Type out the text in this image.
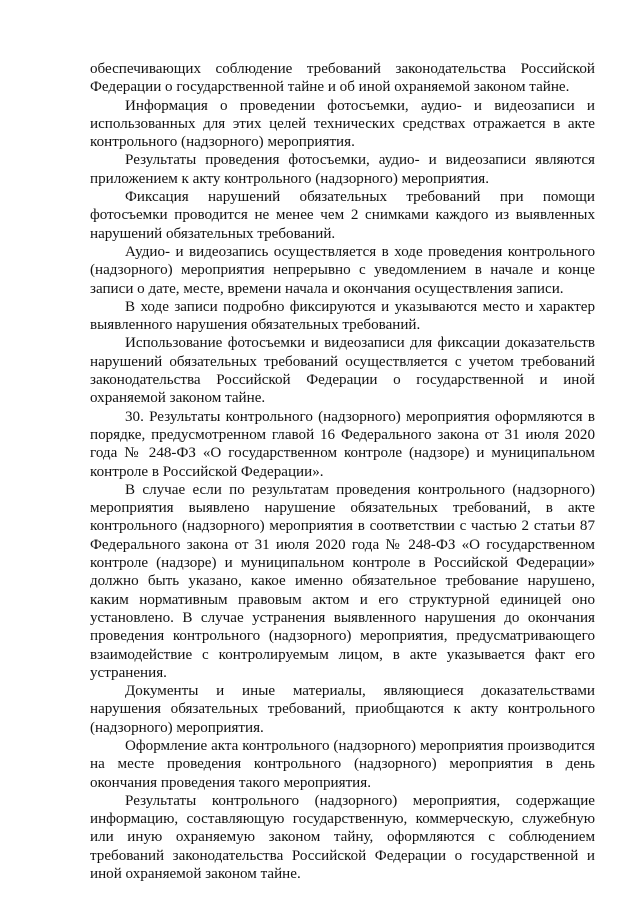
обеспечивающих соблюдение требований законодательства Российской Федерации о государственной тайне и об иной охраняемой законом тайне.

Информация о проведении фотосъемки, аудио- и видеозаписи и использованных для этих целей технических средствах отражается в акте контрольного (надзорного) мероприятия.

Результаты проведения фотосъемки, аудио- и видеозаписи являются приложением к акту контрольного (надзорного) мероприятия.

Фиксация нарушений обязательных требований при помощи фотосъемки проводится не менее чем 2 снимками каждого из выявленных нарушений обязательных требований.

Аудио- и видеозапись осуществляется в ходе проведения контрольного (надзорного) мероприятия непрерывно с уведомлением в начале и конце записи о дате, месте, времени начала и окончания осуществления записи.

В ходе записи подробно фиксируются и указываются место и характер выявленного нарушения обязательных требований.

Использование фотосъемки и видеозаписи для фиксации доказательств нарушений обязательных требований осуществляется с учетом требований законодательства Российской Федерации о государственной и иной охраняемой законом тайне.

30. Результаты контрольного (надзорного) мероприятия оформляются в порядке, предусмотренном главой 16 Федерального закона от 31 июля 2020 года № 248-ФЗ «О государственном контроле (надзоре) и муниципальном контроле в Российской Федерации».

В случае если по результатам проведения контрольного (надзорного) мероприятия выявлено нарушение обязательных требований, в акте контрольного (надзорного) мероприятия в соответствии с частью 2 статьи 87 Федерального закона от 31 июля 2020 года № 248-ФЗ «О государственном контроле (надзоре) и муниципальном контроле в Российской Федерации» должно быть указано, какое именно обязательное требование нарушено, каким нормативным правовым актом и его структурной единицей оно установлено. В случае устранения выявленного нарушения до окончания проведения контрольного (надзорного) мероприятия, предусматривающего взаимодействие с контролируемым лицом, в акте указывается факт его устранения.

Документы и иные материалы, являющиеся доказательствами нарушения обязательных требований, приобщаются к акту контрольного (надзорного) мероприятия.

Оформление акта контрольного (надзорного) мероприятия производится на месте проведения контрольного (надзорного) мероприятия в день окончания проведения такого мероприятия.

Результаты контрольного (надзорного) мероприятия, содержащие информацию, составляющую государственную, коммерческую, служебную или иную охраняемую законом тайну, оформляются с соблюдением требований законодательства Российской Федерации о государственной и иной охраняемой законом тайне.
